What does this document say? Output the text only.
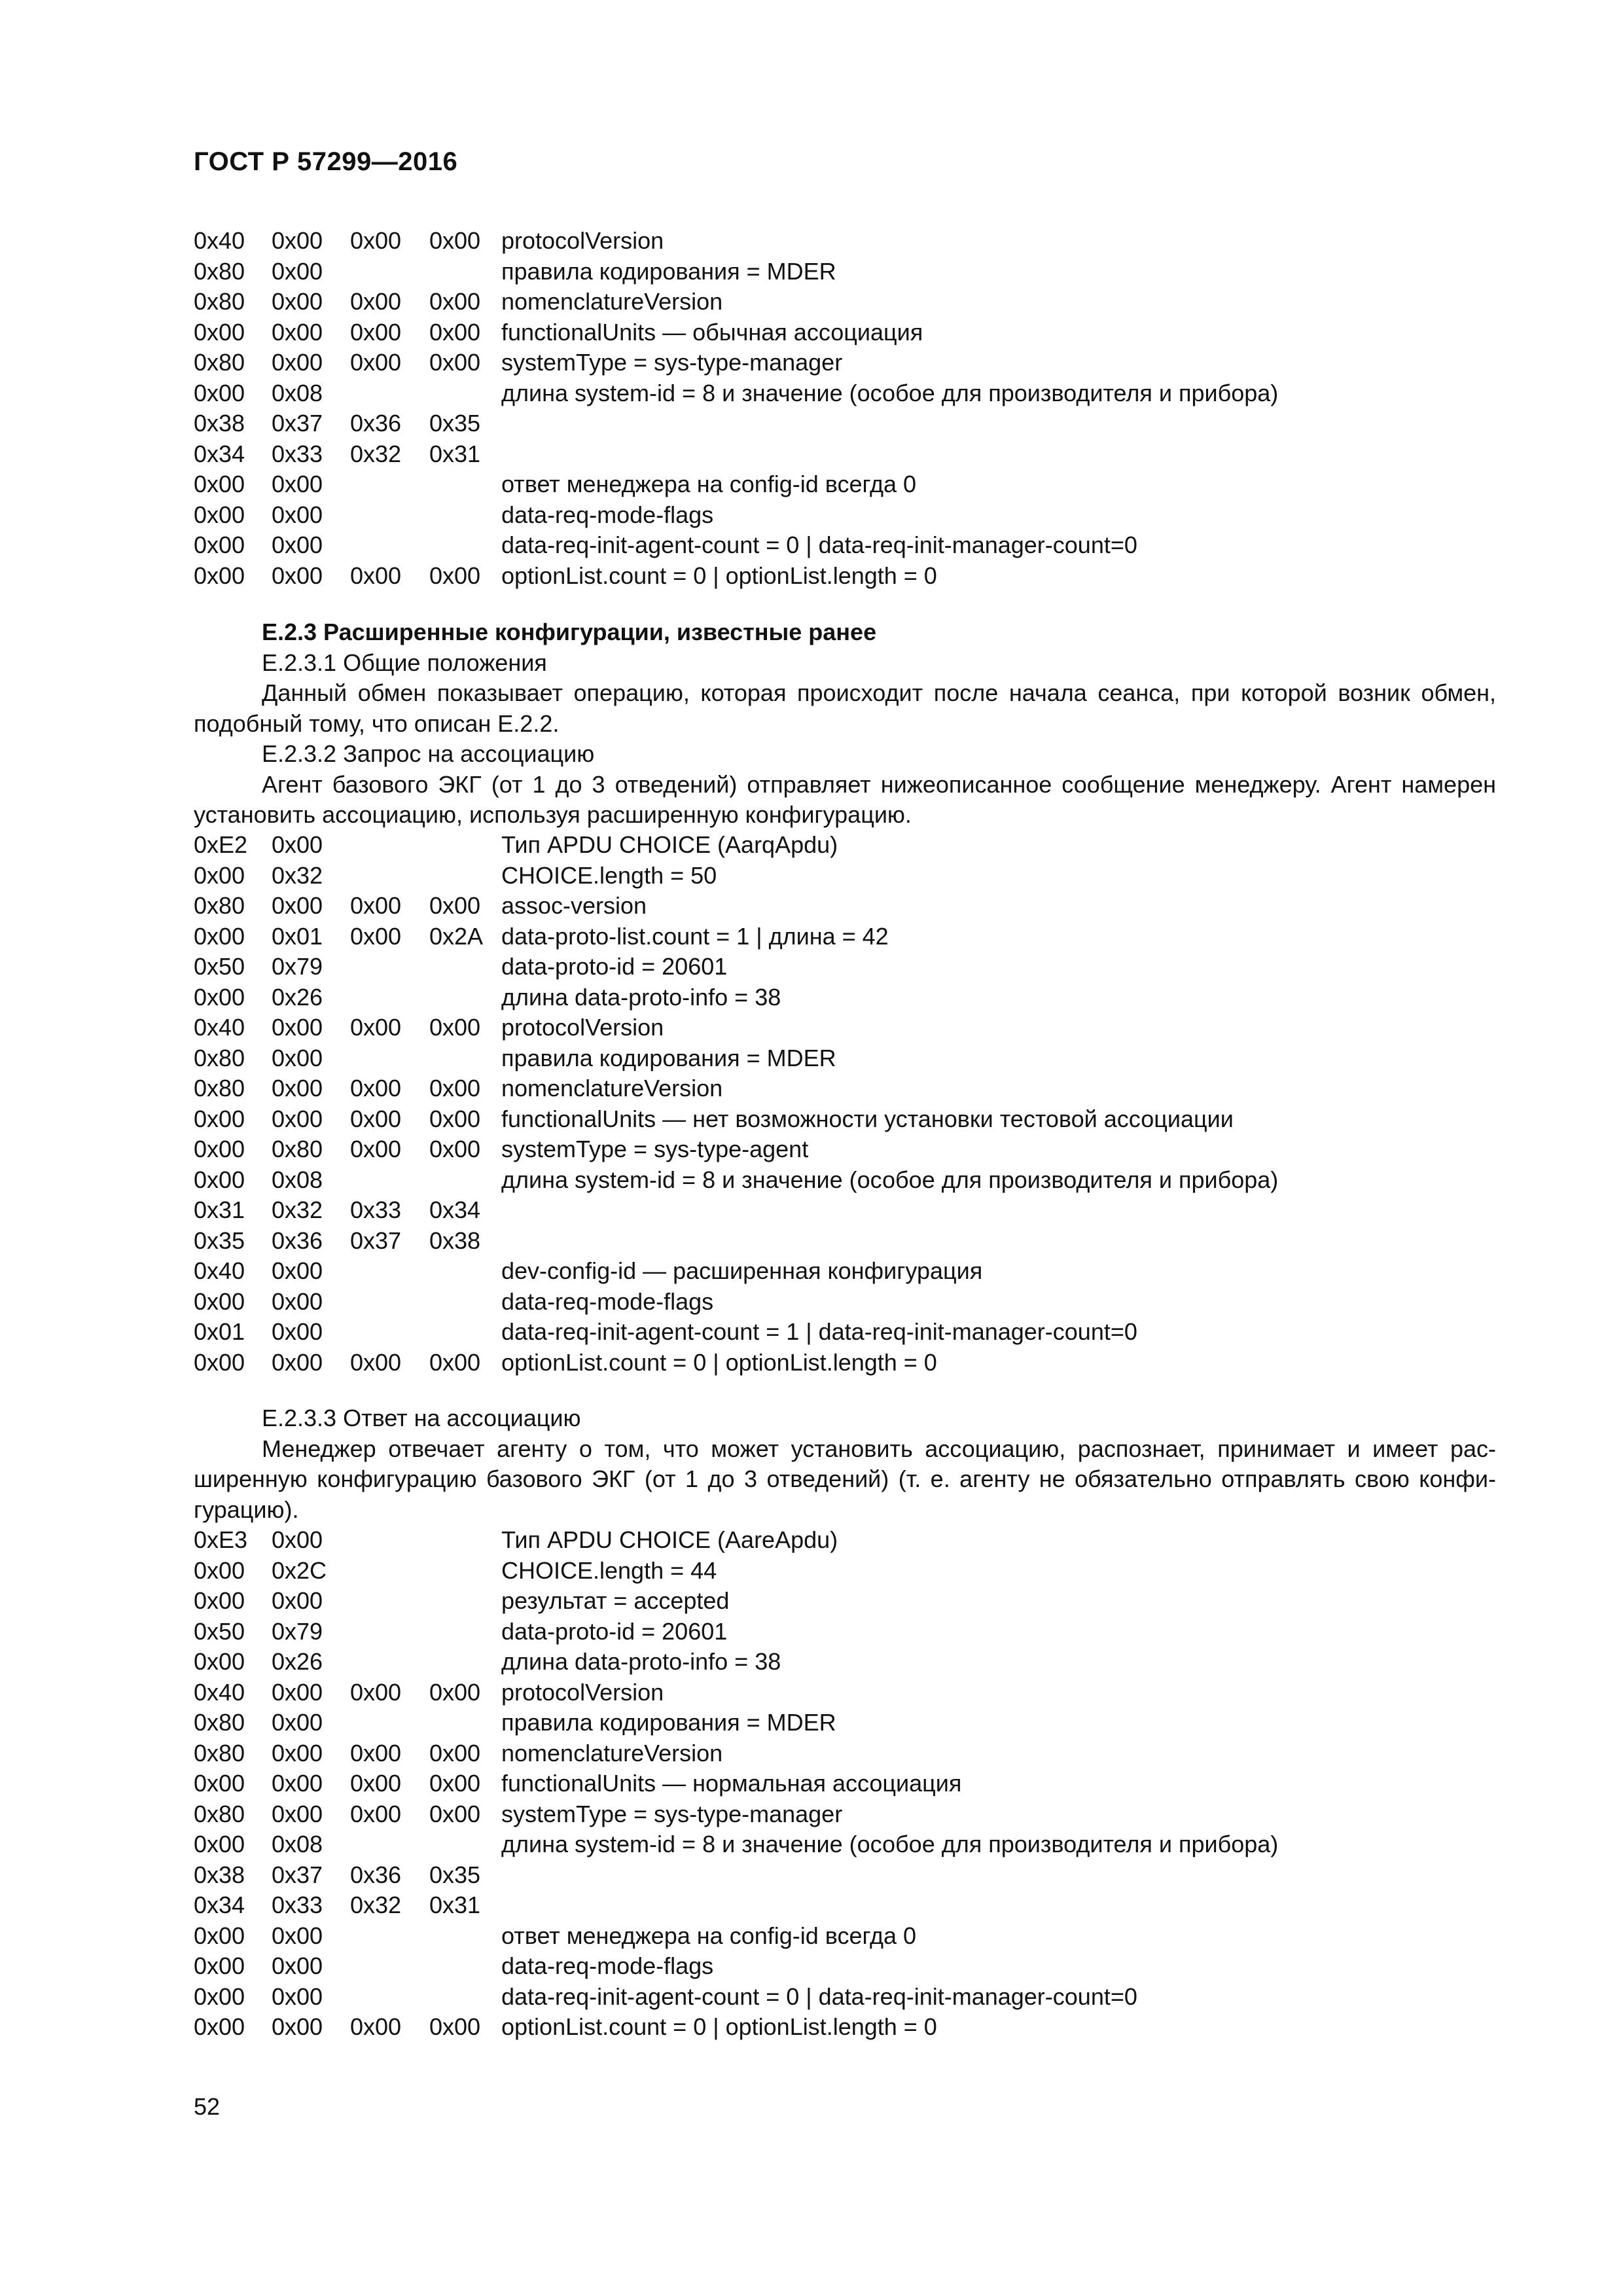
ГОСТ Р 57299—2016
0x40 0x00 0x00 0x00 protocolVersion
0x80 0x00	правила кодирования = MDER
0x80 0x00 0x00 0x00 nomenclatureVersion
0x00 0x00 0x00 0x00 functionalUnits — обычная ассоциация
0x80 0x00 0x00 0x00 systemType = sys-type-manager
0x00 0x08	длина system-id = 8 и значение (особое для производителя и прибора)
0x38 0x37 0x36 0x35
0x34 0x33 0x32 0x31
0x00 0x00	ответ менеджера на config-id всегда 0
0x00 0x00	data-req-mode-flags
0x00 0x00	data-req-init-agent-count = 0 | data-req-init-manager-count=0
0x00 0x00 0x00 0x00 optionList.count = 0 | optionList.length = 0
Е.2.3 Расширенные конфигурации, известные ранее
Е.2.3.1 Общие положения
Данный обмен показывает операцию, которая происходит после начала сеанса, при которой возник обмен, подобный тому, что описан Е.2.2.
Е.2.3.2 Запрос на ассоциацию
Агент базового ЭКГ (от 1 до 3 отведений) отправляет нижеописанное сообщение менеджеру. Агент намерен установить ассоциацию, используя расширенную конфигурацию.
0xE2 0x00	Тип APDU CHOICE (AarqApdu)
0x00 0x32	CHOICE.length = 50
0x80 0x00 0x00 0x00 assoc-version
0x00 0x01 0x00 0x2A data-proto-list.count = 1 | длина = 42
0x50 0x79	data-proto-id = 20601
0x00 0x26	длина data-proto-info = 38
0x40 0x00 0x00 0x00 protocolVersion
0x80 0x00	правила кодирования = MDER
0x80 0x00 0x00 0x00 nomenclatureVersion
0x00 0x00 0x00 0x00 functionalUnits — нет возможности установки тестовой ассоциации
0x00 0x80 0x00 0x00 systemType = sys-type-agent
0x00 0x08	длина system-id = 8 и значение (особое для производителя и прибора)
0x31 0x32 0x33 0x34
0x35 0x36 0x37 0x38
0x40 0x00	dev-config-id — расширенная конфигурация
0x00 0x00	data-req-mode-flags
0x01 0x00	data-req-init-agent-count = 1 | data-req-init-manager-count=0
0x00 0x00 0x00 0x00 optionList.count = 0 | optionList.length = 0
Е.2.3.3 Ответ на ассоциацию
Менеджер отвечает агенту о том, что может установить ассоциацию, распознает, принимает и имеет расширенную конфигурацию базового ЭКГ (от 1 до 3 отведений) (т. е. агенту не обязательно отправлять свою конфигурацию).
0xE3 0x00	Тип APDU CHOICE (AareApdu)
0x00 0x2C	CHOICE.length = 44
0x00 0x00	результат = accepted
0x50 0x79	data-proto-id = 20601
0x00 0x26	длина data-proto-info = 38
0x40 0x00 0x00 0x00 protocolVersion
0x80 0x00	правила кодирования = MDER
0x80 0x00 0x00 0x00 nomenclatureVersion
0x00 0x00 0x00 0x00 functionalUnits — нормальная ассоциация
0x80 0x00 0x00 0x00 systemType = sys-type-manager
0x00 0x08	длина system-id = 8 и значение (особое для производителя и прибора)
0x38 0x37 0x36 0x35
0x34 0x33 0x32 0x31
0x00 0x00	ответ менеджера на config-id всегда 0
0x00 0x00	data-req-mode-flags
0x00 0x00	data-req-init-agent-count = 0 | data-req-init-manager-count=0
0x00 0x00 0x00 0x00 optionList.count = 0 | optionList.length = 0
52
